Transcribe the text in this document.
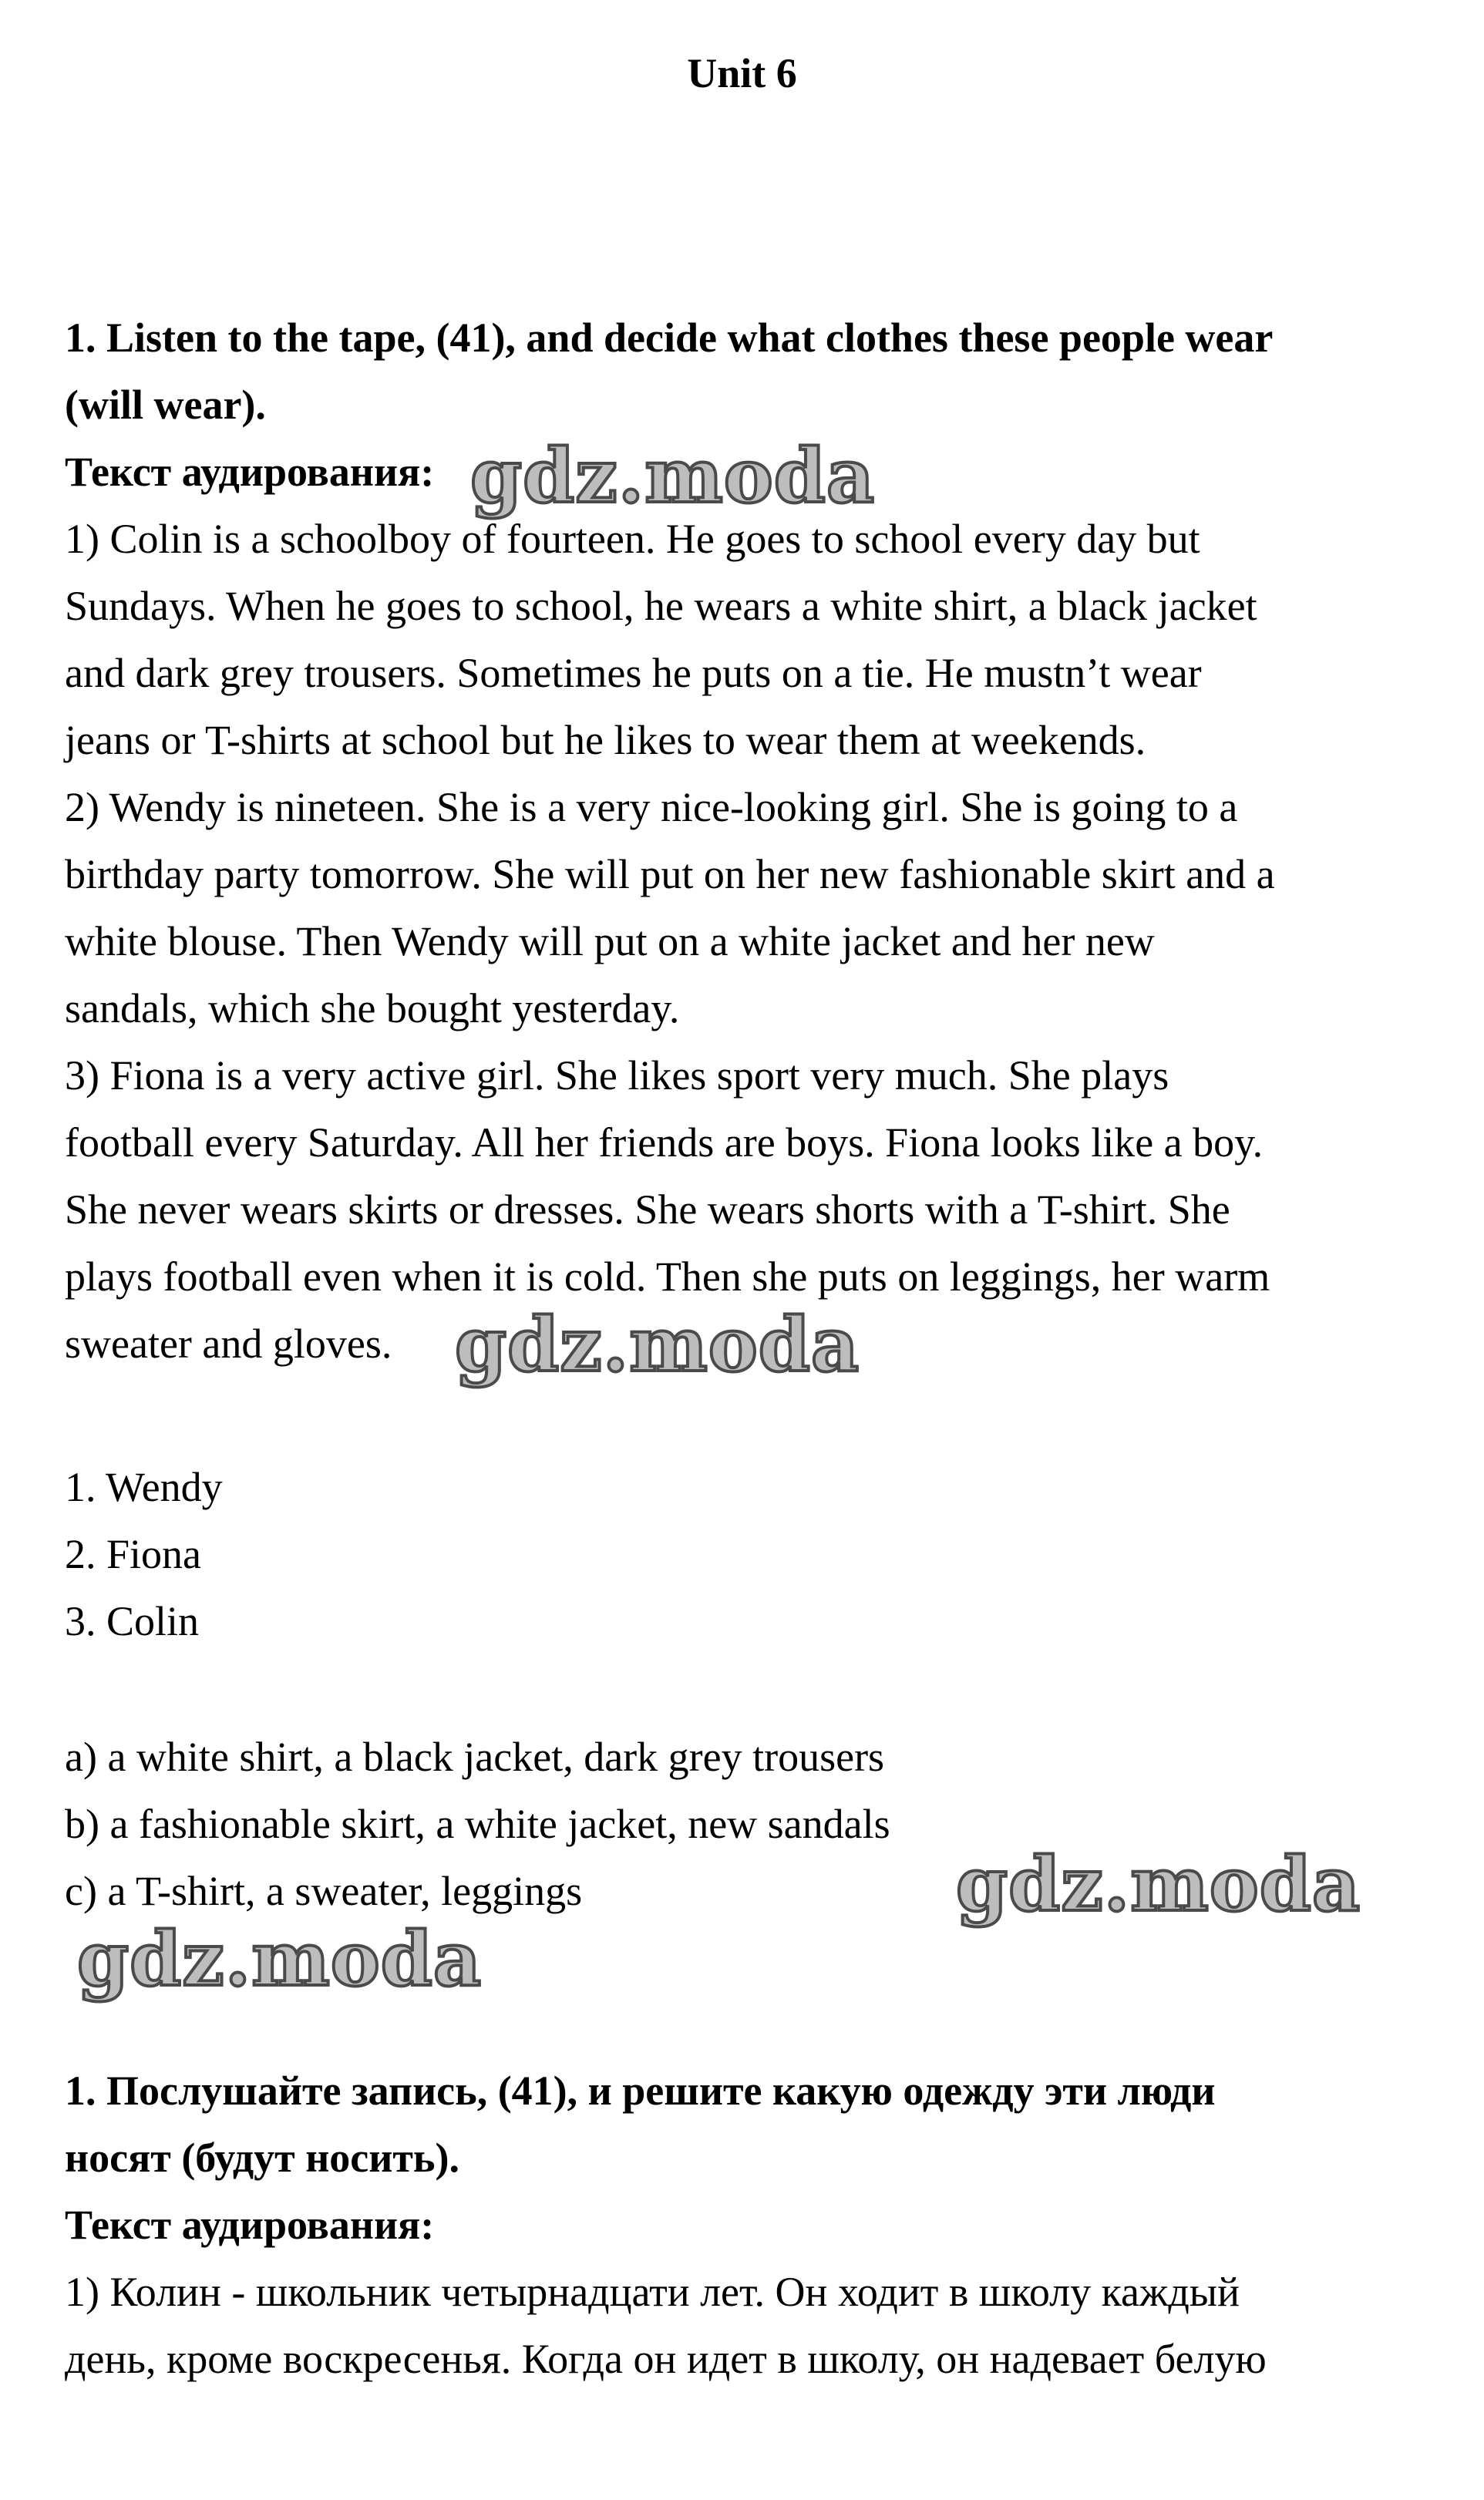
Unit 6

1. Listen to the tape, (41), and decide what clothes these people wear

(will wear).

Текст аудирования:

1) Colin is a schoolboy of fourteen. He goes to school every day but

Sundays. When he goes to school, he wears a white shirt, a black jacket

and dark grey trousers. Sometimes he puts on a tie. He mustn’t wear

jeans or T-shirts at school but he likes to wear them at weekends.

2) Wendy is nineteen. She is a very nice-looking girl. She is going to a

birthday party tomorrow. She will put on her new fashionable skirt and a

white blouse. Then Wendy will put on a white jacket and her new

sandals, which she bought yesterday.

3) Fiona is a very active girl. She likes sport very much. She plays

football every Saturday. All her friends are boys. Fiona looks like a boy.

She never wears skirts or dresses. She wears shorts with a T-shirt. She

plays football even when it is cold. Then she puts on leggings, her warm

sweater and gloves.

1. Wendy

2. Fiona

3. Colin

a) a white shirt, a black jacket, dark grey trousers

b) a fashionable skirt, a white jacket, new sandals

c) a T-shirt, a sweater, leggings

1. Послушайте запись, (41), и решите какую одежду эти люди

носят (будут носить).

Текст аудирования:

1) Колин - школьник четырнадцати лет. Он ходит в школу каждый

день, кроме воскресенья. Когда он идет в школу, он надевает белую

gdz.moda
gdz.moda
gdz.moda
gdz.moda
